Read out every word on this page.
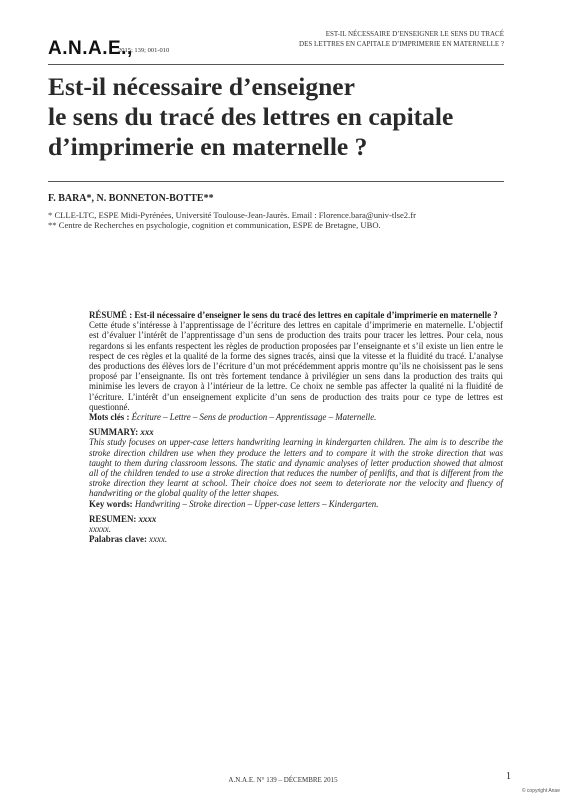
A.N.A.E.,
2015; 139; 001-010
EST-IL NÉCESSAIRE D’ENSEIGNER LE SENS DU TRACÉ
DES LETTRES EN CAPITALE D’IMPRIMERIE EN MATERNELLE ?
Est-il nécessaire d’enseigner
le sens du tracé des lettres en capitale
d’imprimerie en maternelle ?
F. BARA*, N. BONNETON-BOTTE**
* CLLE-LTC, ESPE Midi-Pyrénées, Université Toulouse-Jean-Jaurès. Email : Florence.bara@univ-tlse2.fr
** Centre de Recherches en psychologie, cognition et communication, ESPE de Bretagne, UBO.

RÉSUMÉ : Est-il nécessaire d’enseigner le sens du tracé des lettres en capitale d’imprimerie en maternelle ?

Cette étude s’intéresse à l’apprentissage de l’écriture des lettres en capitale d’imprimerie en maternelle. L’objectif est d’évaluer l’intérêt de l’apprentissage d’un sens de production des traits pour tracer les lettres. Pour cela, nous regardons si les enfants respectent les règles de production proposées par l’enseignante et s’il existe un lien entre le respect de ces règles et la qualité de la forme des signes tracés, ainsi que la vitesse et la fluidité du tracé. L’analyse des productions des élèves lors de l’écriture d’un mot précédemment appris montre qu’ils ne choisissent pas le sens proposé par l’enseignante. Ils ont très fortement tendance à privilégier un sens dans la production des traits qui minimise les levers de crayon à l’intérieur de la lettre. Ce choix ne semble pas affecter la qualité ni la fluidité de l’écriture. L’intérêt d’un enseignement explicite d’un sens de production des traits pour ce type de lettres est questionné.

Mots clés : Écriture – Lettre – Sens de production – Apprentissage – Maternelle.

SUMMARY: xxx

This study focuses on upper-case letters handwriting learning in kindergarten children. The aim is to describe the stroke direction children use when they produce the letters and to compare it with the stroke direction that was taught to them during classroom lessons. The static and dynamic analyses of letter production showed that almost all of the children tended to use a stroke direction that reduces the number of penlifts, and that is different from the stroke direction they learnt at school. Their choice does not seem to deteriorate nor the velocity and fluency of handwriting or the global quality of the letter shapes.

Key words: Handwriting – Stroke direction – Upper-case letters – Kindergarten.

RESUMEN: xxxx

xxxxx.

Palabras clave: xxxx.

A.N.A.E. N° 139 – DÉCEMBRE 2015	1
© copyright Anae
